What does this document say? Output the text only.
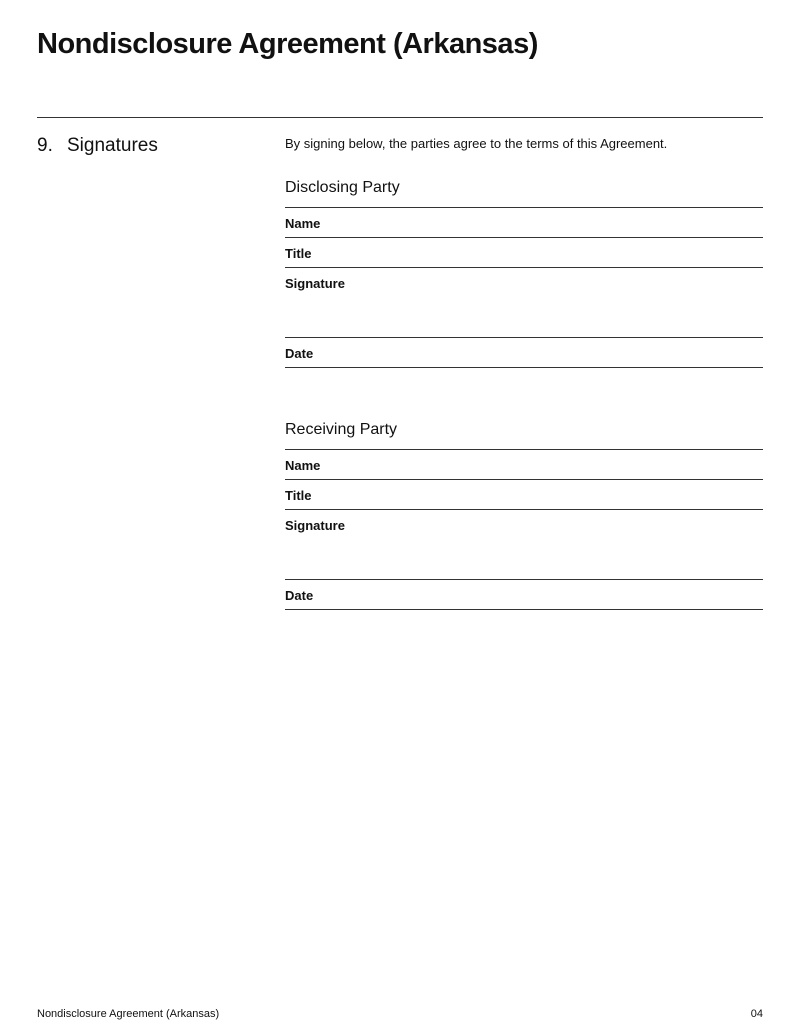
Nondisclosure Agreement (Arkansas)
9. Signatures	By signing below, the parties agree to the terms of this Agreement.
Disclosing Party
Name
Title
Signature
Date
Receiving Party
Name
Title
Signature
Date
Nondisclosure Agreement (Arkansas)	04
